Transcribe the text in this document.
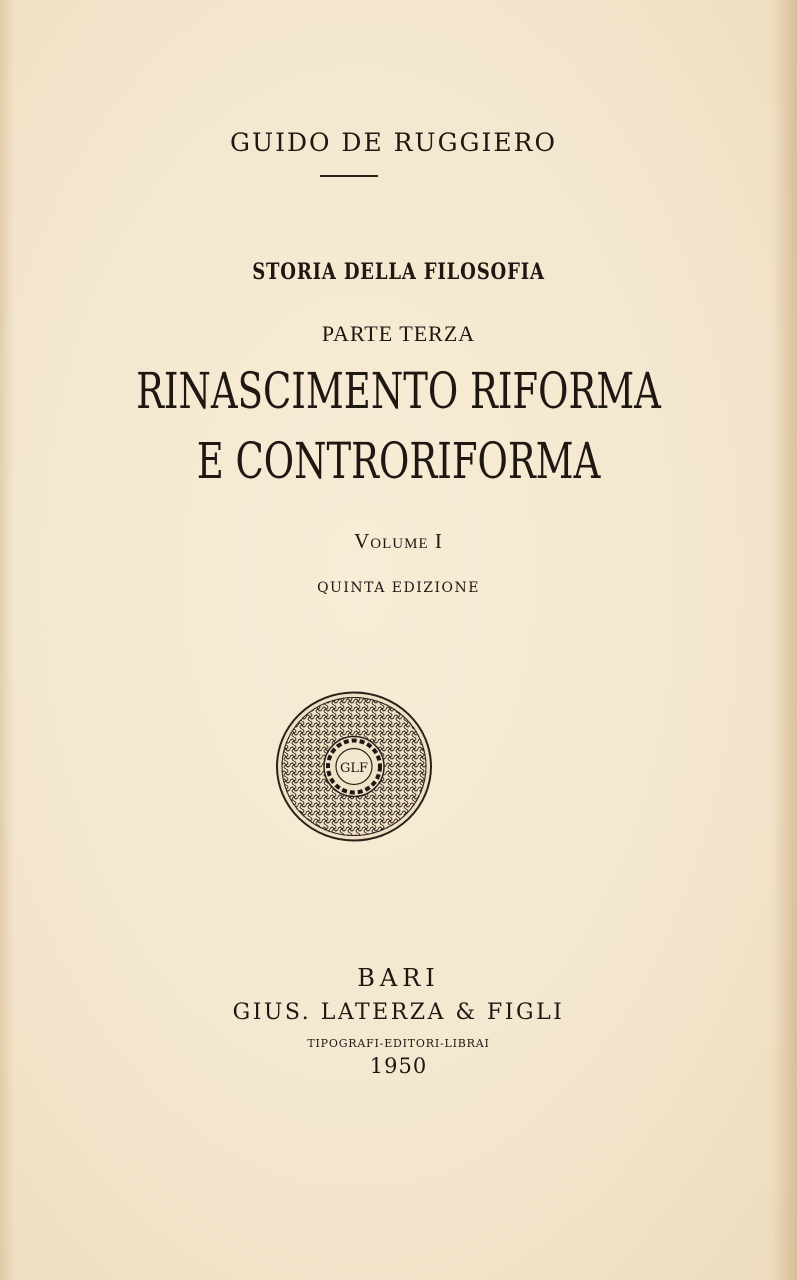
GUIDO DE RUGGIERO

STORIA DELLA FILOSOFIA

PARTE TERZA

RINASCIMENTO RIFORMA

E CONTRORIFORMA

Volume I

QUINTA EDIZIONE

GLF

BARI

GIUS. LATERZA & FIGLI

TIPOGRAFI-EDITORI-LIBRAI

1950
